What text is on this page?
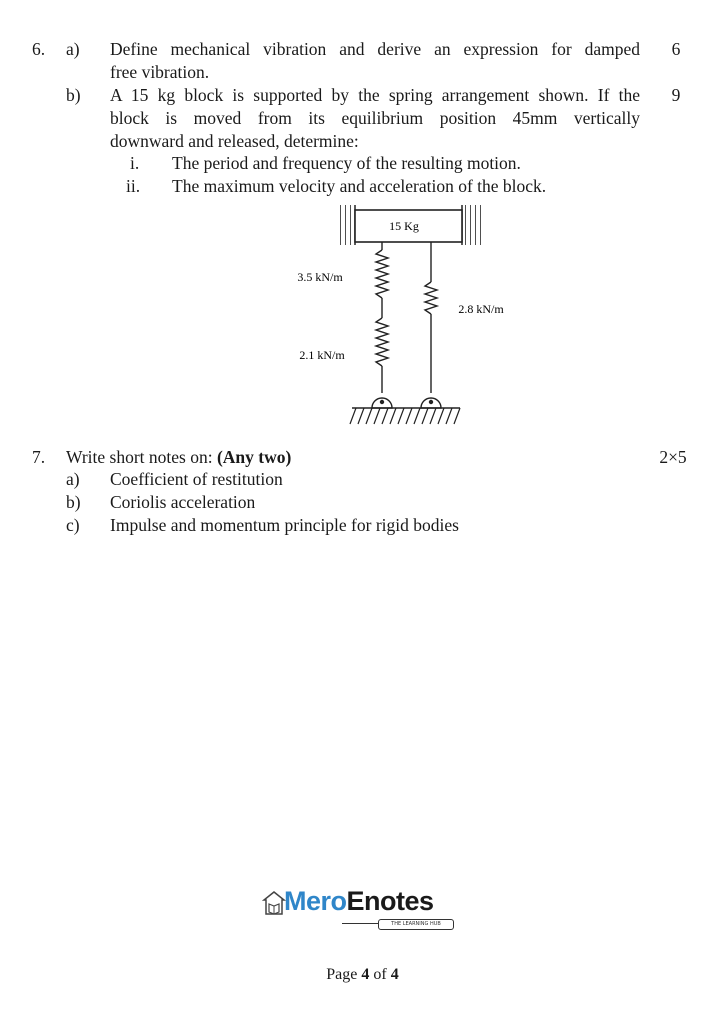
6. a) Define mechanical vibration and derive an expression for damped
free vibration.
6
b) A 15 kg block is supported by the spring arrangement shown. If the
block is moved from its equilibrium position 45mm vertically
downward and released, determine:
9
i. The period and frequency of the resulting motion.
ii. The maximum velocity and acceleration of the block.
15 Kg
3.5 kN/m
2.1 kN/m
2.8 kN/m
7. Write short notes on: (Any two)	2×5
a) Coefficient of restitution
b) Coriolis acceleration
c) Impulse and momentum principle for rigid bodies
MeroEnotes
THE LEARNING HUB
Page 4 of 4
